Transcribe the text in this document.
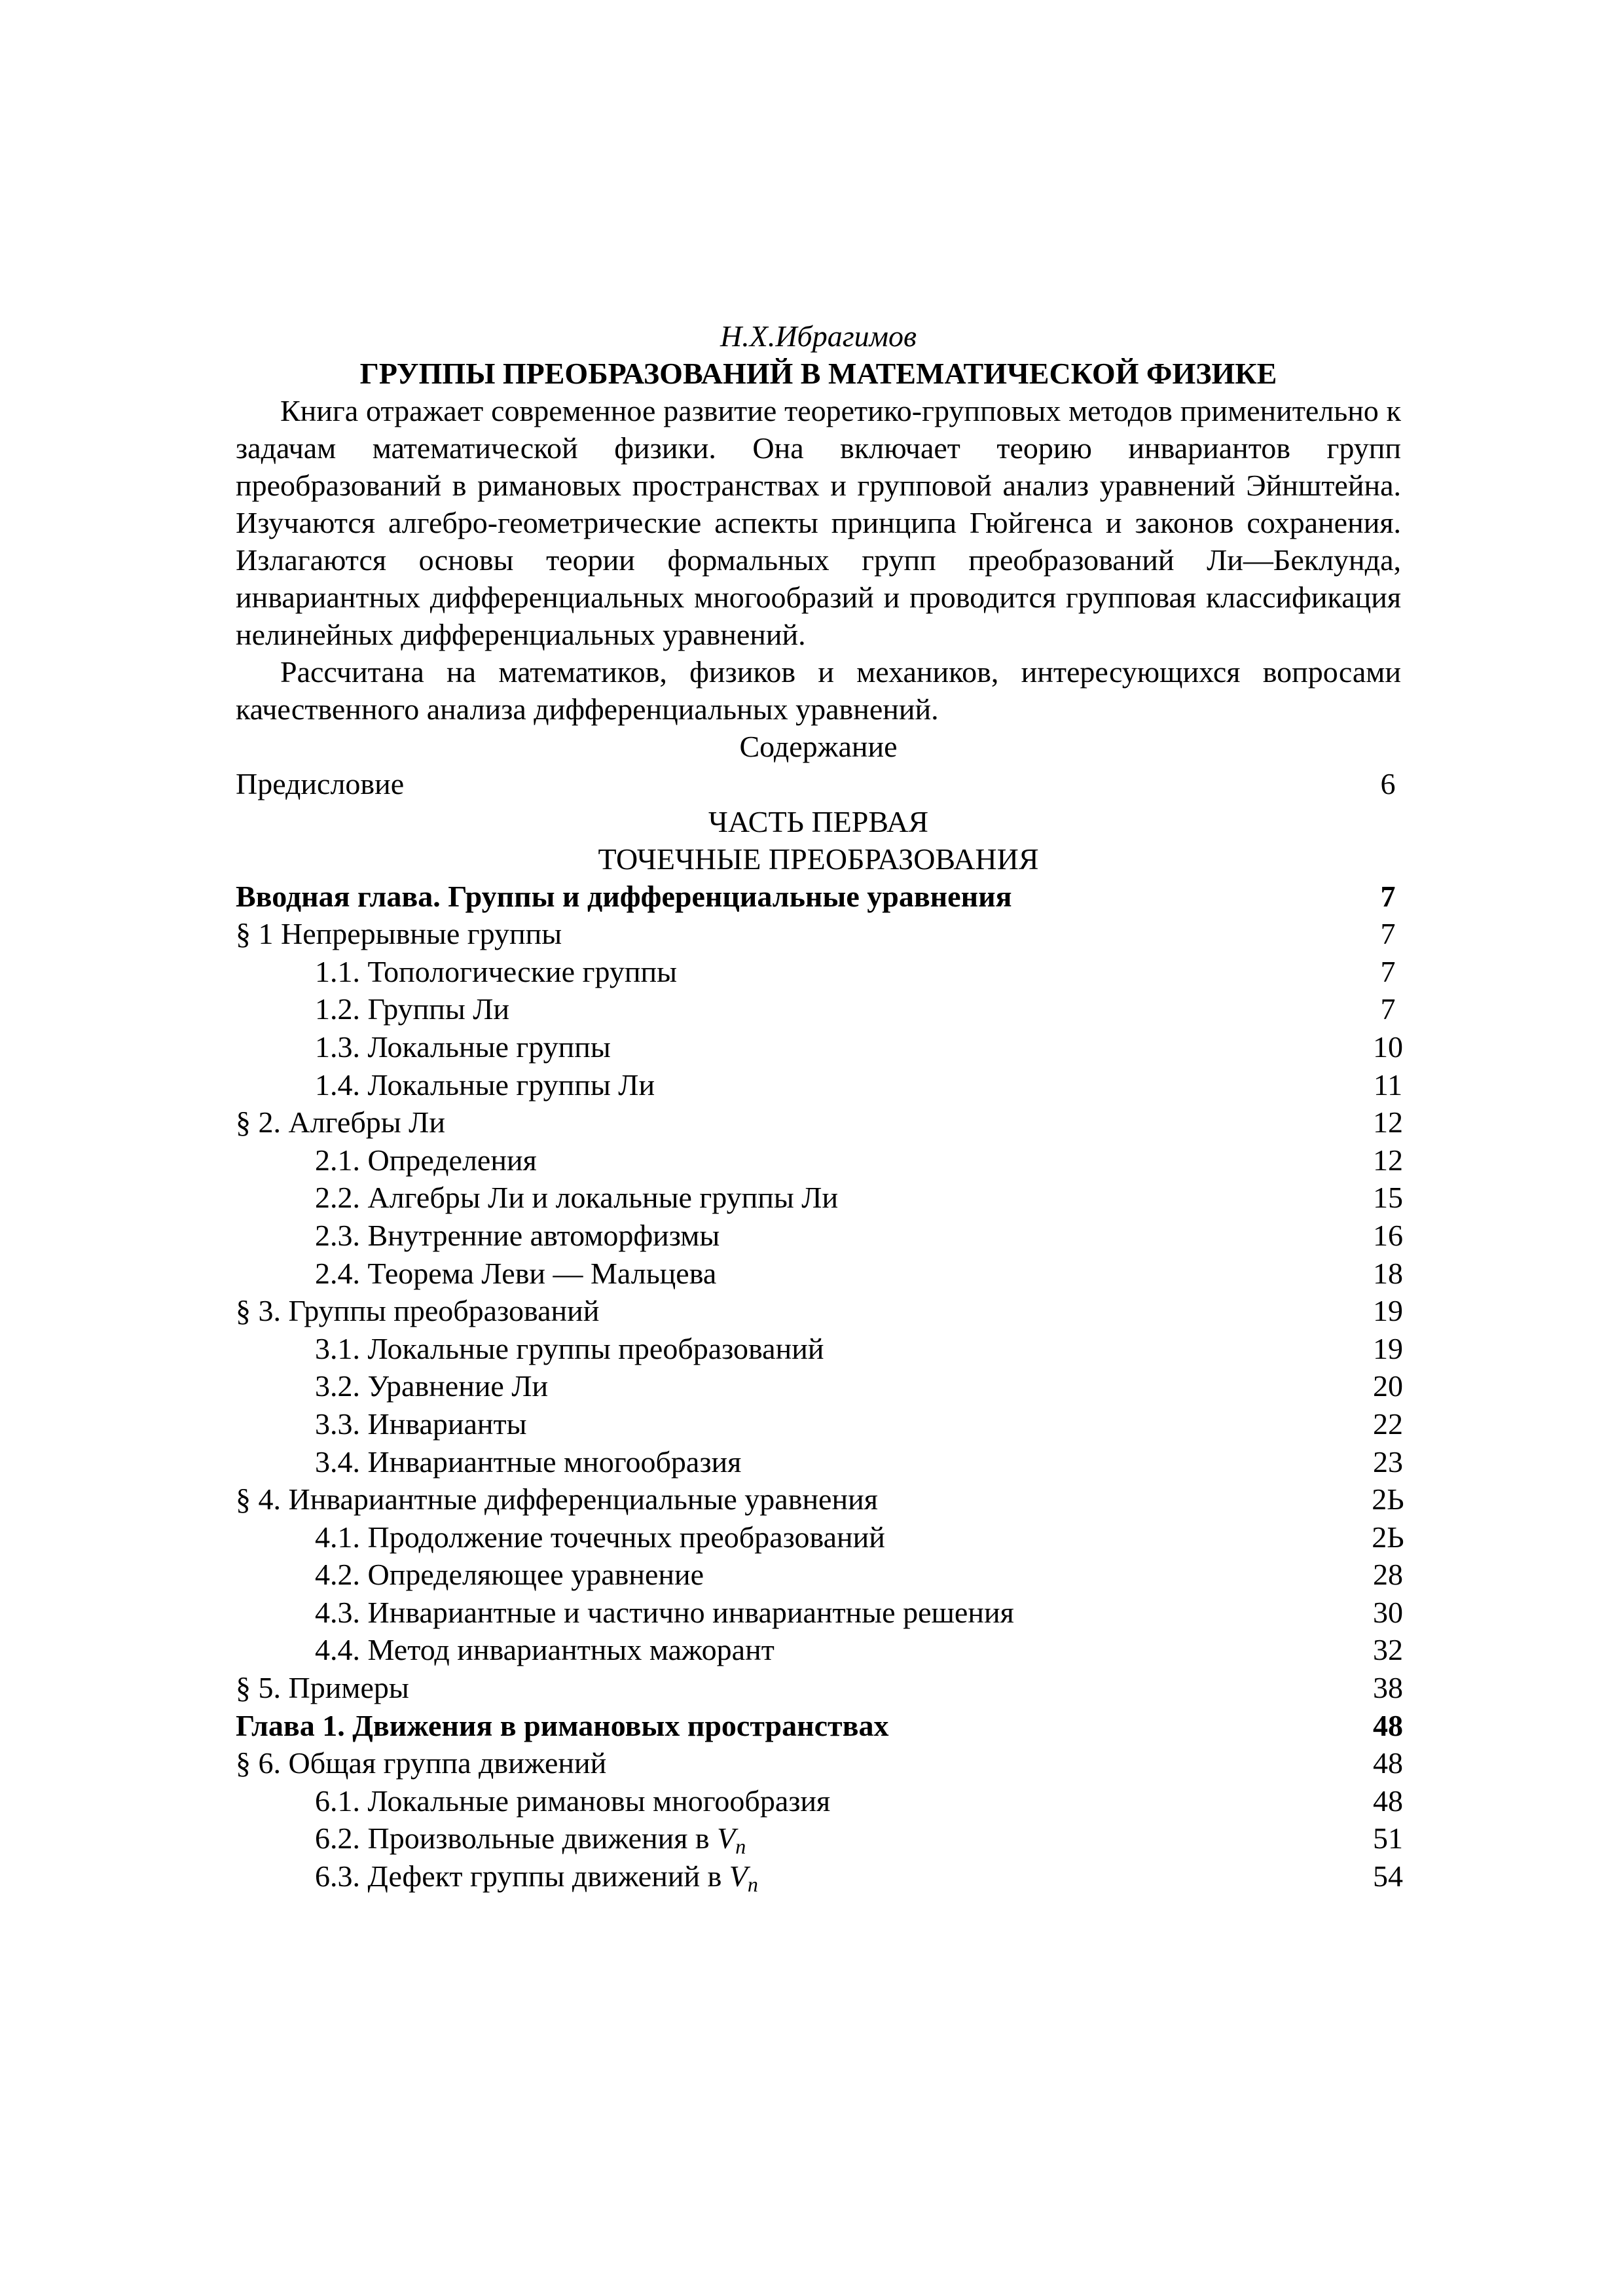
Н.Х.Ибрагимов
ГРУППЫ ПРЕОБРАЗОВАНИЙ В МАТЕМАТИЧЕСКОЙ ФИЗИКЕ

Книга отражает современное развитие теоретико-групповых методов применительно к задачам математической физики. Она включает теорию инвариантов групп преобразований в римановых пространствах и групповой анализ уравнений Эйнштейна. Изучаются алгебро-геометрические аспекты принципа Гюйгенса и законов сохранения. Излагаются основы теории формальных групп преобразований Ли—Беклунда, инвариантных дифференциальных многообразий и проводится групповая классификация нелинейных дифференциальных уравнений.

Рассчитана на математиков, физиков и механиков, интересующихся вопросами качественного анализа дифференциальных уравнений.

Содержание
Предисловие	6
ЧАСТЬ ПЕРВАЯ
ТОЧЕЧНЫЕ ПРЕОБРАЗОВАНИЯ
Вводная глава. Группы и дифференциальные уравнения	7
§ 1 Непрерывные группы	7
1.1. Топологические группы	7
1.2. Группы Ли	7
1.3. Локальные группы	10
1.4. Локальные группы Ли	11
§ 2. Алгебры Ли	12
2.1. Определения	12
2.2. Алгебры Ли и локальные группы Ли	15
2.3. Внутренние автоморфизмы	16
2.4. Теорема Леви — Мальцева	18
§ 3. Группы преобразований	19
3.1. Локальные группы преобразований	19
3.2. Уравнение Ли	20
3.3. Инварианты	22
3.4. Инвариантные многообразия	23
§ 4. Инвариантные дифференциальные уравнения	2Ь
4.1. Продолжение точечных преобразований	2Ь
4.2. Определяющее уравнение	28
4.3. Инвариантные и частично инвариантные решения	30
4.4. Метод инвариантных мажорант	32
§ 5. Примеры	38
Глава 1. Движения в римановых пространствах	48
§ 6. Общая группа движений	48
6.1. Локальные римановы многообразия	48
6.2. Произвольные движения в $V_n$	51
6.3. Дефект группы движений в $V_n$	54
